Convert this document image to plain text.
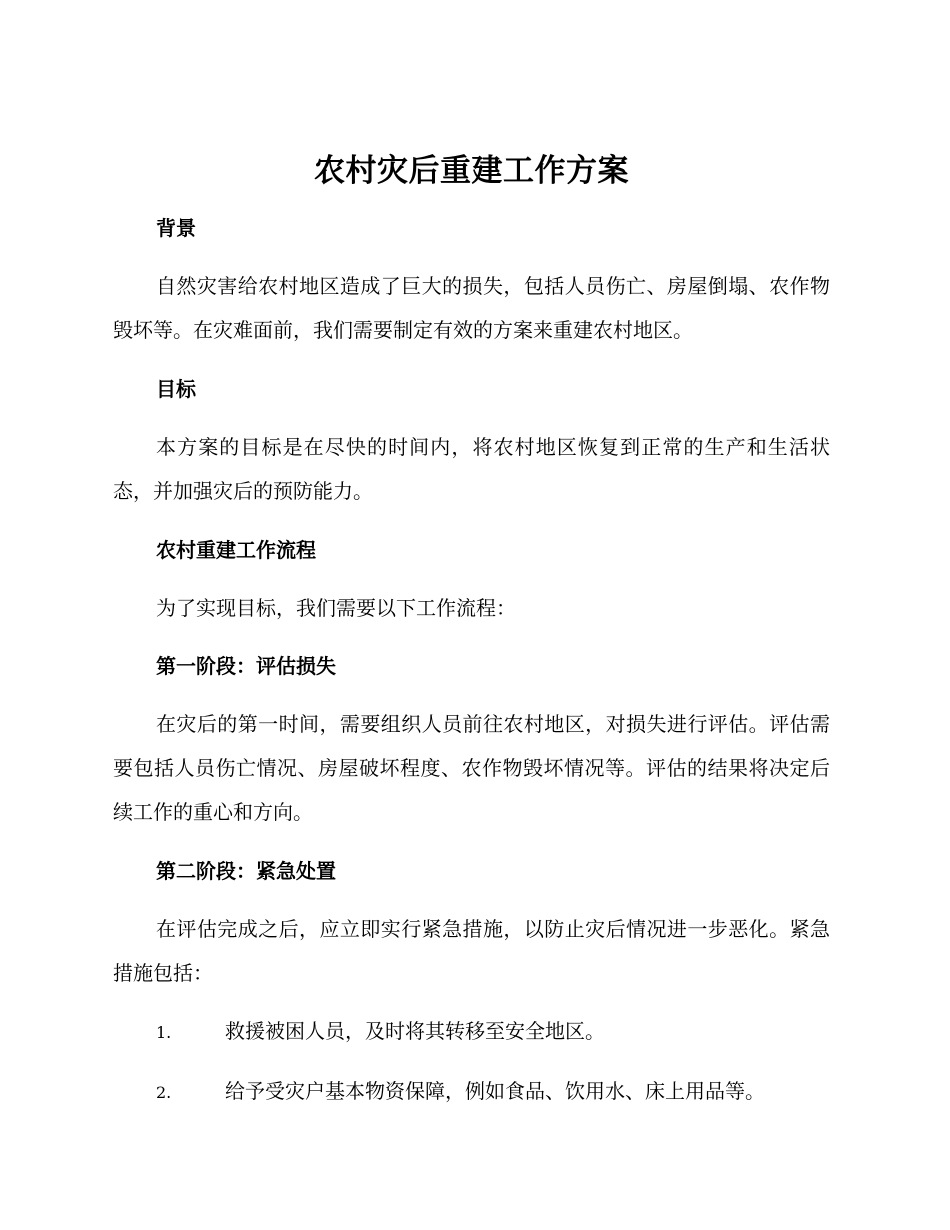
农村灾后重建工作方案
背景

自然灾害给农村地区造成了巨大的损失，包括人员伤亡、房屋倒塌、农作物毁坏等。在灾难面前，我们需要制定有效的方案来重建农村地区。

目标

本方案的目标是在尽快的时间内，将农村地区恢复到正常的生产和生活状态，并加强灾后的预防能力。

农村重建工作流程

为了实现目标，我们需要以下工作流程：

第一阶段：评估损失

在灾后的第一时间，需要组织人员前往农村地区，对损失进行评估。评估需要包括人员伤亡情况、房屋破坏程度、农作物毁坏情况等。评估的结果将决定后续工作的重心和方向。

第二阶段：紧急处置

在评估完成之后，应立即实行紧急措施，以防止灾后情况进一步恶化。紧急措施包括：

1.	救援被困人员，及时将其转移至安全地区。
2.	给予受灾户基本物资保障，例如食品、饮用水、床上用品等。
